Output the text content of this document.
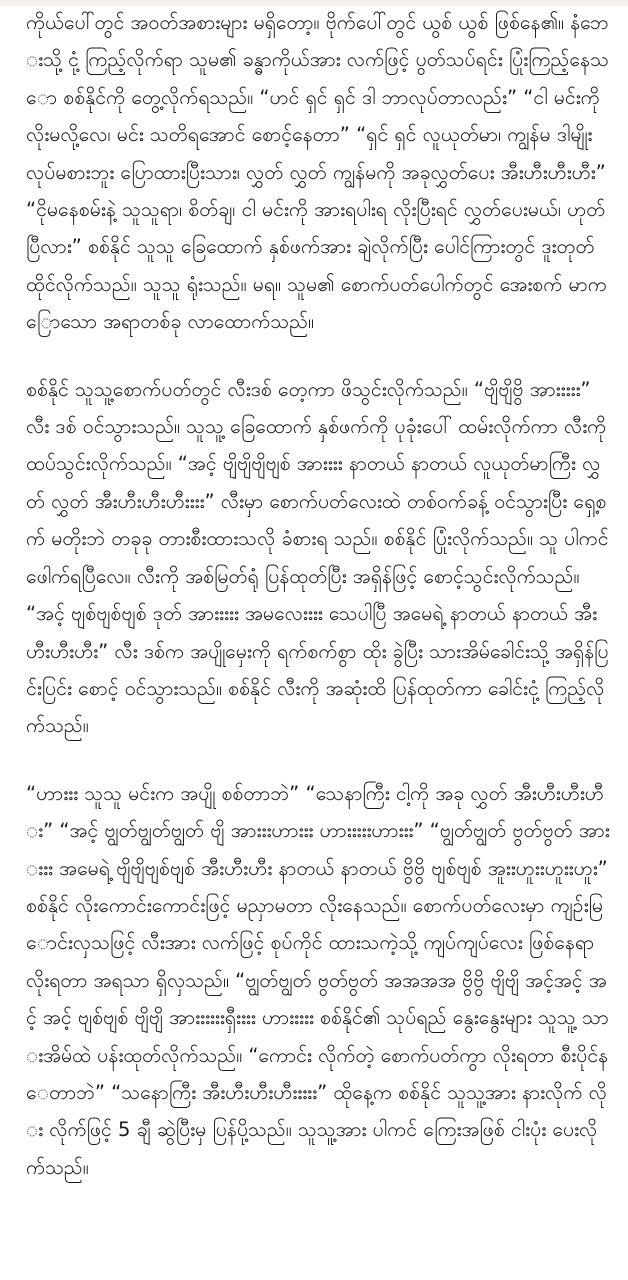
ကိုယ်ပေါ်တွင် အဝတ်အစားများ မရှိတော့။ ဗိုက်ပေါ်တွင် ယွစ် ယွစ် ဖြစ်နေ၏။ နံဘေးသို့ ငုံ့ ကြည့်လိုက်ရာ သူမ၏ ခန္ဓာကိုယ်အား လက်ဖြင့် ပွတ်သပ်ရင်း ပြုံးကြည့်နေသော စစ်နိုင်ကို တွေ့လိုက်ရသည်။ “ဟင် ရှင် ရှင် ဒါ ဘာလုပ်တာလည်း” “ငါ မင်းကို လိုးမလို့လေ၊ မင်း သတိရအောင် စောင့်နေတာ” “ရှင် ရှင် လူယုတ်မာ၊ ကျွန်မ ဒါမျိုး လုပ်မစားဘူး ပြောထားပြီးသား၊ လွှတ် လွှတ် ကျွန်မကို အခုလွှတ်ပေး အီးဟီးဟီးဟီး” “ငိုမနေစမ်းနဲ့ သူသူရာ၊ စိတ်ချ၊ ငါ မင်းကို အားရပါးရ လိုးပြီးရင် လွှတ်ပေးမယ်၊ ဟုတ်ပြီလား” စစ်နိုင် သူသူ ခြေထောက် နှစ်ဖက်အား ချဲလိုက်ပြီး ပေါင်ကြားတွင် ဒူးတုတ် ထိုင်လိုက်သည်။ သူသူ ရုံးသည်။ မရ။ သူမ၏ စောက်ပတ်ပေါက်တွင် အေးစက် မာကြောသော အရာတစ်ခု လာထောက်သည်။

စစ်နိုင် သူသူ့စောက်ပတ်တွင် လီးဒစ် တေ့ကာ ဖိသွင်းလိုက်သည်။ “ဗျိဗျိဗွိ အားးးးး” လီး ဒစ် ဝင်သွားသည်။ သူသူ့ ခြေထောက် နှစ်ဖက်ကို ပုခုံးပေါ် ထမ်းလိုက်ကာ လီးကို ထပ်သွင်းလိုက်သည်။ “အင့် ဗျိဗျိဗျိဗျစ် အားးးး နာတယ် နာတယ် လူယုတ်မာကြီး လွှတ် လွှတ် အီးဟီးဟီးဟီးးးး” လီးမှာ စောက်ပတ်လေးထဲ တစ်ဝက်ခန့် ဝင်သွားပြီး ရှေ့စက် မတိုးဘဲ တခုခု တားစီးထားသလို ခံစားရ သည်။ စစ်နိုင် ပြုံးလိုက်သည်။ သူ ပါကင် ဖေါက်ရပြီလေ။ လီးကို အစ်မြတ်ရုံ ပြန်ထုတ်ပြီး အရှိန်ဖြင့် စောင့်သွင်းလိုက်သည်။ “အင့် ဗျစ်ဗျစ်ဗျစ် ဒုတ် အားးးးး အမလေးးးး သေပါပြီ အမေရဲ့ နာတယ် နာတယ် အီးဟီးဟီးဟီး” လီး ဒစ်က အပျိုမှေးကို ရက်စက်စွာ ထိုး ခွဲပြီး သားအိမ်ခေါင်းသို့ အရှိန်ပြင်းပြင်း စောင့် ဝင်သွားသည်။ စစ်နိုင် လီးကို အဆုံးထိ ပြန်ထုတ်ကာ ခေါင်းငုံ့ ကြည့်လိုက်သည်။

“ဟားးး သူသူ မင်းက အပျို စစ်တာဘဲ” “သေနာကြီး ငါ့ကို အခု လွှတ် အီးဟီးဟီးဟီး” “အင့် ဗျွတ်ဗျွတ်ဗျွတ် ဗျိ အားးးဟားးး ဟားးးးးဟားးး” “ဗျွတ်ဗျွတ် ဗွတ်ဗွတ် အားးးး အမေရဲ့ ဗျိဗျိဗျစ်ဗျစ် အီးဟီးဟီး နာတယ် နာတယ် ဗွိဗွိ ဗျစ်ဗျစ် အူးးဟူးးဟူးးဟူး” စစ်နိုင် လိုးကောင်းကောင်းဖြင့် မညှာမတာ လိုးနေသည်။ စောက်ပတ်လေးမှာ ကျဉ်းမြောင်းလှသဖြင့် လီးအား လက်ဖြင့် စုပ်ကိုင် ထားသကဲ့သို့ ကျပ်ကျပ်လေး ဖြစ်နေရာ လိုးရတာ အရသာ ရှိလှသည်။ “ဗျွတ်ဗျွတ် ဗွတ်ဗွတ် အအအအ ဗွိဗွိ ဗျိဗျိ အင့်အင့် အင့် အင့် ဗျစ်ဗျစ် ဗျိဗျိ အားးးးးးရှီးးးး ဟားးးးး စစ်နိုင်၏ သုပ်ရည် နွေးနွေးများ သူသူ့ သားအိမ်ထဲ ပန်းထုတ်လိုက်သည်။ “ကောင်း လိုက်တဲ့ စောက်ပတ်ကွာ လိုးရတာ စီးပိုင်နေတာဘဲ” “သနောကြီး အီးဟီးဟီးဟီးးးးး” ထိုနေ့က စစ်နိုင် သူသူ့အား နားလိုက် လိုး လိုက်ဖြင့် 5 ချီ ဆွဲပြီးမှ ပြန်ပို့သည်။ သူသူ့အား ပါကင် ကြေးအဖြစ် ငါးပုံး ပေးလိုက်သည်။
